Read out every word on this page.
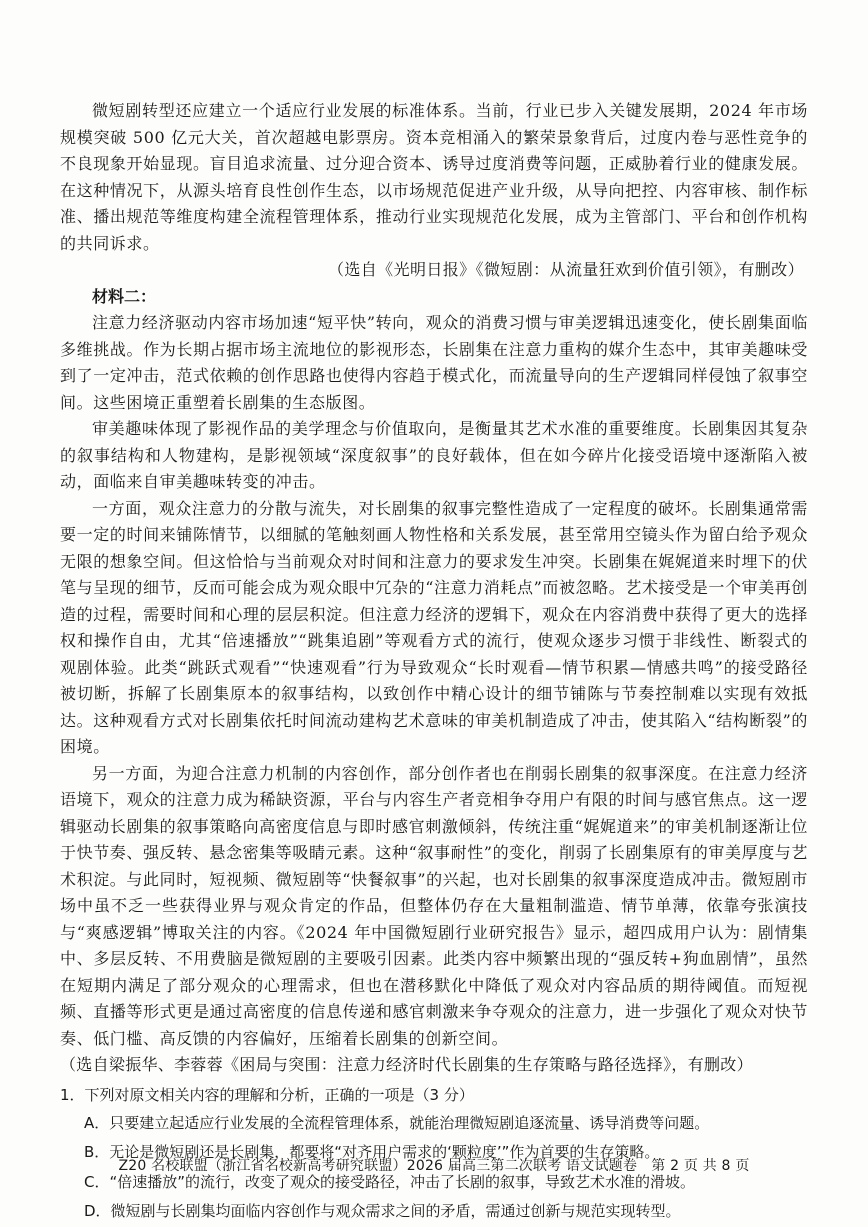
微短剧转型还应建立一个适应行业发展的标准体系。当前，行业已步入关键发展期，2024 年市场规模突破 500 亿元大关，首次超越电影票房。资本竞相涌入的繁荣景象背后，过度内卷与恶性竞争的不良现象开始显现。盲目追求流量、过分迎合资本、诱导过度消费等问题，正威胁着行业的健康发展。在这种情况下，从源头培育良性创作生态，以市场规范促进产业升级，从导向把控、内容审核、制作标准、播出规范等维度构建全流程管理体系，推动行业实现规范化发展，成为主管部门、平台和创作机构的共同诉求。

（选自《光明日报》《微短剧：从流量狂欢到价值引领》，有删改）

材料二：

注意力经济驱动内容市场加速“短平快”转向，观众的消费习惯与审美逻辑迅速变化，使长剧集面临多维挑战。作为长期占据市场主流地位的影视形态，长剧集在注意力重构的媒介生态中，其审美趣味受到了一定冲击，范式依赖的创作思路也使得内容趋于模式化，而流量导向的生产逻辑同样侵蚀了叙事空间。这些困境正重塑着长剧集的生态版图。

审美趣味体现了影视作品的美学理念与价值取向，是衡量其艺术水准的重要维度。长剧集因其复杂的叙事结构和人物建构，是影视领域“深度叙事”的良好载体，但在如今碎片化接受语境中逐渐陷入被动，面临来自审美趣味转变的冲击。

一方面，观众注意力的分散与流失，对长剧集的叙事完整性造成了一定程度的破坏。长剧集通常需要一定的时间来铺陈情节，以细腻的笔触刻画人物性格和关系发展，甚至常用空镜头作为留白给予观众无限的想象空间。但这恰恰与当前观众对时间和注意力的要求发生冲突。长剧集在娓娓道来时埋下的伏笔与呈现的细节，反而可能会成为观众眼中冗杂的“注意力消耗点”而被忽略。艺术接受是一个审美再创造的过程，需要时间和心理的层层积淀。但注意力经济的逻辑下，观众在内容消费中获得了更大的选择权和操作自由，尤其“倍速播放”“跳集追剧”等观看方式的流行，使观众逐步习惯于非线性、断裂式的观剧体验。此类“跳跃式观看”“快速观看”行为导致观众“长时观看—情节积累—情感共鸣”的接受路径被切断，拆解了长剧集原本的叙事结构，以致创作中精心设计的细节铺陈与节奏控制难以实现有效抵达。这种观看方式对长剧集依托时间流动建构艺术意味的审美机制造成了冲击，使其陷入“结构断裂”的困境。

另一方面，为迎合注意力机制的内容创作，部分创作者也在削弱长剧集的叙事深度。在注意力经济语境下，观众的注意力成为稀缺资源，平台与内容生产者竞相争夺用户有限的时间与感官焦点。这一逻辑驱动长剧集的叙事策略向高密度信息与即时感官刺激倾斜，传统注重“娓娓道来”的审美机制逐渐让位于快节奏、强反转、悬念密集等吸睛元素。这种“叙事耐性”的变化，削弱了长剧集原有的审美厚度与艺术积淀。与此同时，短视频、微短剧等“快餐叙事”的兴起，也对长剧集的叙事深度造成冲击。微短剧市场中虽不乏一些获得业界与观众肯定的作品，但整体仍存在大量粗制滥造、情节单薄，依靠夸张演技与“爽感逻辑”博取关注的内容。《2024 年中国微短剧行业研究报告》显示，超四成用户认为：剧情集中、多层反转、不用费脑是微短剧的主要吸引因素。此类内容中频繁出现的“强反转+狗血剧情”，虽然在短期内满足了部分观众的心理需求，但也在潜移默化中降低了观众对内容品质的期待阈值。而短视频、直播等形式更是通过高密度的信息传递和感官刺激来争夺观众的注意力，进一步强化了观众对快节奏、低门槛、高反馈的内容偏好，压缩着长剧集的创新空间。

（选自梁振华、李蓉蓉《困局与突围：注意力经济时代长剧集的生存策略与路径选择》，有删改）

1．下列对原文相关内容的理解和分析，正确的一项是（3 分）

A．只要建立起适应行业发展的全流程管理体系，就能治理微短剧追逐流量、诱导消费等问题。

B．无论是微短剧还是长剧集，都要将“对齐用户需求的‘颗粒度’”作为首要的生存策略。

C．“倍速播放”的流行，改变了观众的接受路径，冲击了长剧的叙事，导致艺术水准的滑坡。

D．微短剧与长剧集均面临内容创作与观众需求之间的矛盾，需通过创新与规范实现转型。

Z20 名校联盟（浙江省名校新高考研究联盟）2026 届高三第二次联考 语文试题卷　第 2 页 共 8 页
